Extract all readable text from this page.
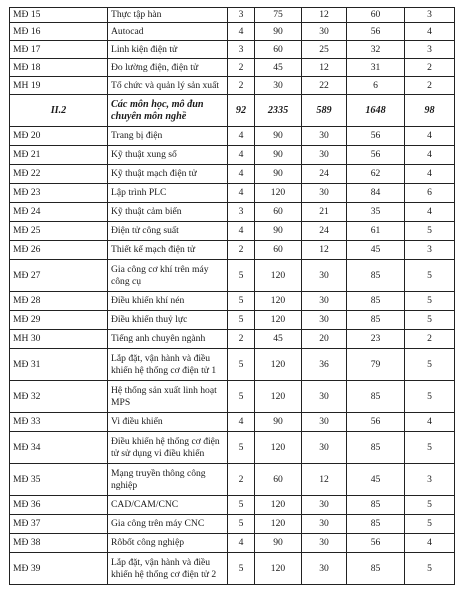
MĐ 15	Thực tập hàn	3	75	12	60	3
MĐ 16	Autocad	4	90	30	56	4
MĐ 17	Linh kiện điện tử	3	60	25	32	3
MĐ 18	Đo lường điện, điện tử	2	45	12	31	2
MH 19	Tổ chức và quản lý sản xuất	2	30	22	6	2
II.2	Các môn học, mô đun chuyên môn nghề	92	2335	589	1648	98
MĐ 20	Trang bị điện	4	90	30	56	4
MĐ 21	Kỹ thuật xung số	4	90	30	56	4
MĐ 22	Kỹ thuật mạch điện tử	4	90	24	62	4
MĐ 23	Lập trình PLC	4	120	30	84	6
MĐ 24	Kỹ thuật cảm biến	3	60	21	35	4
MĐ 25	Điện tử công suất	4	90	24	61	5
MĐ 26	Thiết kế mạch điện tử	2	60	12	45	3
MĐ 27	Gia công cơ khí trên máy công cụ	5	120	30	85	5
MĐ 28	Điều khiển khí nén	5	120	30	85	5
MĐ 29	Điều khiển thuỷ lực	5	120	30	85	5
MH 30	Tiếng anh chuyên ngành	2	45	20	23	2
MĐ 31	Lắp đặt, vận hành và điều khiển hệ thống cơ điện tử 1	5	120	36	79	5
MĐ 32	Hệ thống sản xuất linh hoạt MPS	5	120	30	85	5
MĐ 33	Vi điều khiển	4	90	30	56	4
MĐ 34	Điều khiển hệ thống cơ điện tử sử dụng vi điều khiển	5	120	30	85	5
MĐ 35	Mạng truyền thông công nghiệp	2	60	12	45	3
MĐ 36	CAD/CAM/CNC	5	120	30	85	5
MĐ 37	Gia công trên máy CNC	5	120	30	85	5
MĐ 38	Rôbốt công nghiệp	4	90	30	56	4
MĐ 39	Lắp đặt, vận hành và điều khiển hệ thống cơ điện tử 2	5	120	30	85	5
